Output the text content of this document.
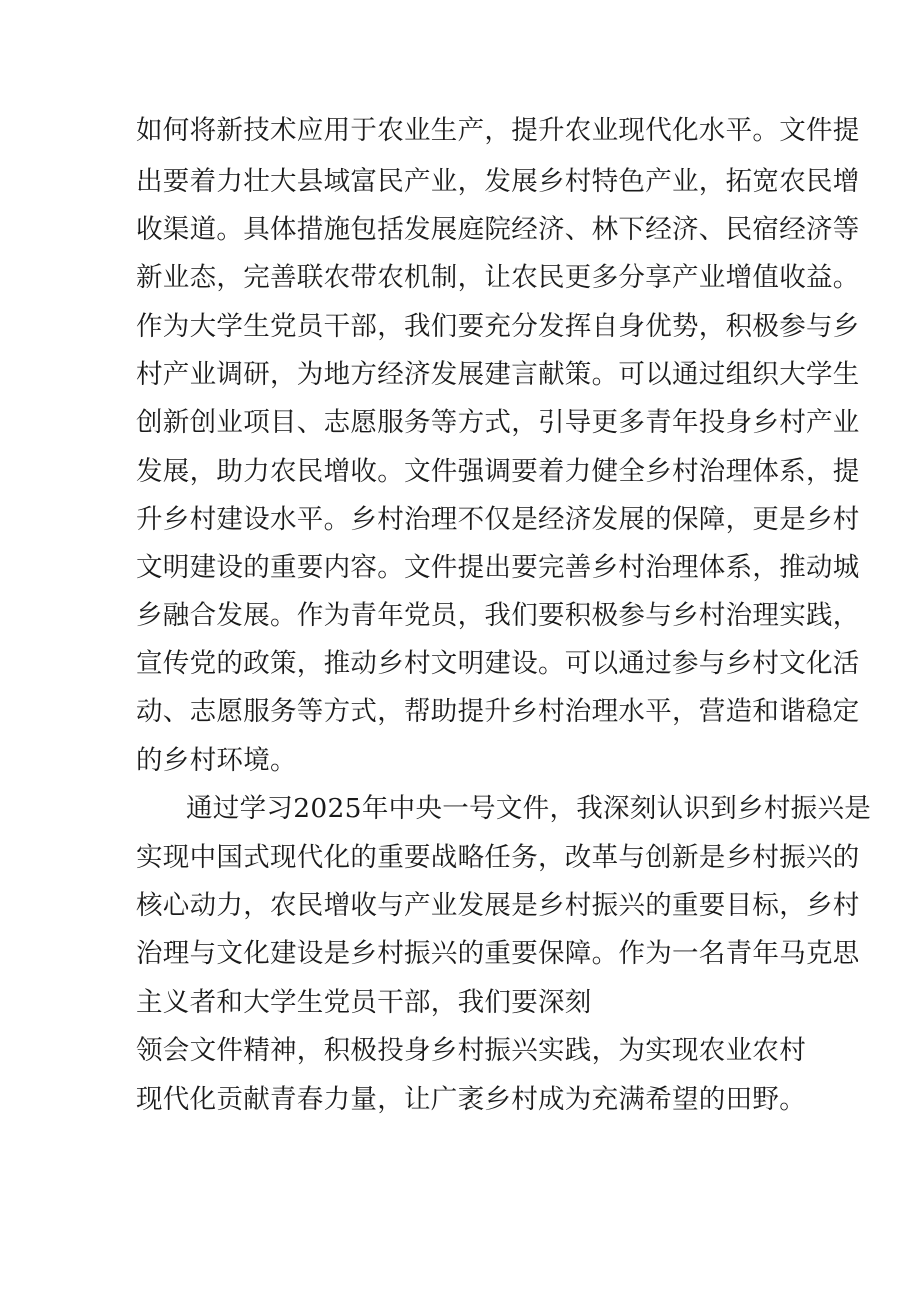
如何将新技术应用于农业生产，提升农业现代化水平。文件提
出要着力壮大县域富民产业，发展乡村特色产业，拓宽农民增
收渠道。具体措施包括发展庭院经济、林下经济、民宿经济等
新业态，完善联农带农机制，让农民更多分享产业增值收益。
作为大学生党员干部，我们要充分发挥自身优势，积极参与乡
村产业调研，为地方经济发展建言献策。可以通过组织大学生
创新创业项目、志愿服务等方式，引导更多青年投身乡村产业
发展，助力农民增收。文件强调要着力健全乡村治理体系，提
升乡村建设水平。乡村治理不仅是经济发展的保障，更是乡村
文明建设的重要内容。文件提出要完善乡村治理体系，推动城
乡融合发展。作为青年党员，我们要积极参与乡村治理实践，
宣传党的政策，推动乡村文明建设。可以通过参与乡村文化活
动、志愿服务等方式，帮助提升乡村治理水平，营造和谐稳定
的乡村环境。
通过学习2025年中央一号文件，我深刻认识到乡村振兴是
实现中国式现代化的重要战略任务，改革与创新是乡村振兴的
核心动力，农民增收与产业发展是乡村振兴的重要目标，乡村
治理与文化建设是乡村振兴的重要保障。作为一名青年马克思
主义者和大学生党员干部，我们要深刻
领会文件精神，积极投身乡村振兴实践，为实现农业农村
现代化贡献青春力量，让广袤乡村成为充满希望的田野。
